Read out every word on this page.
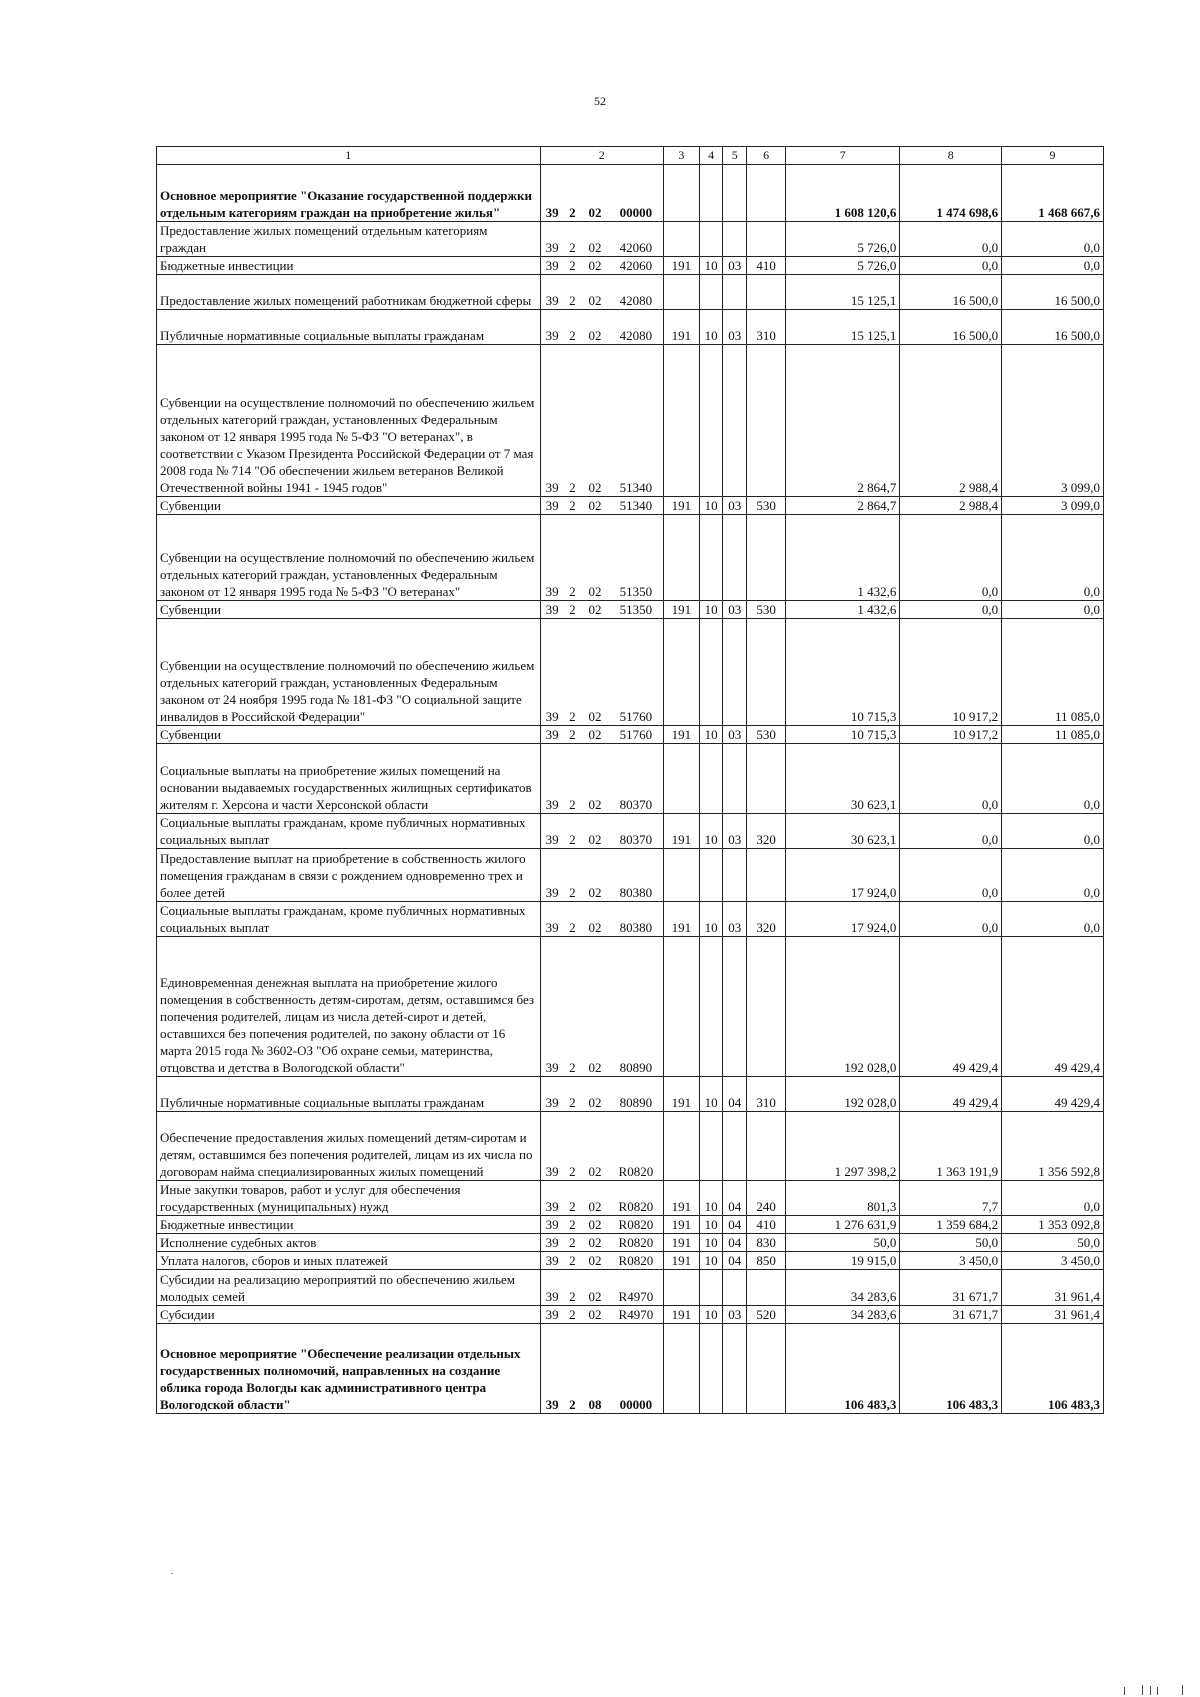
52
1	2				3	4	5	6	7	8	9
Основное мероприятие "Оказание государственной поддержки отдельным категориям граждан на приобретение жилья"	39	2	02	00000					1 608 120,6	1 474 698,6	1 468 667,6
Предоставление жилых помещений отдельным категориям граждан	39	2	02	42060					5 726,0	0,0	0,0
Бюджетные инвестиции	39	2	02	42060	191	10	03	410	5 726,0	0,0	0,0
Предоставление жилых помещений работникам бюджетной сферы	39	2	02	42080					15 125,1	16 500,0	16 500,0
Публичные нормативные социальные выплаты гражданам	39	2	02	42080	191	10	03	310	15 125,1	16 500,0	16 500,0
Субвенции на осуществление полномочий по обеспечению жильем отдельных категорий граждан, установленных Федеральным законом от 12 января 1995 года № 5-ФЗ "О ветеранах", в соответствии с Указом Президента Российской Федерации от 7 мая 2008 года № 714 "Об обеспечении жильем ветеранов Великой Отечественной войны 1941 - 1945 годов"	39	2	02	51340					2 864,7	2 988,4	3 099,0
Субвенции	39	2	02	51340	191	10	03	530	2 864,7	2 988,4	3 099,0
Субвенции на осуществление полномочий по обеспечению жильем отдельных категорий граждан, установленных Федеральным законом от 12 января 1995 года № 5-ФЗ "О ветеранах"	39	2	02	51350					1 432,6	0,0	0,0
Субвенции	39	2	02	51350	191	10	03	530	1 432,6	0,0	0,0
Субвенции на осуществление полномочий по обеспечению жильем отдельных категорий граждан, установленных Федеральным законом от 24 ноября 1995 года № 181-ФЗ "О социальной защите инвалидов в Российской Федерации"	39	2	02	51760					10 715,3	10 917,2	11 085,0
Субвенции	39	2	02	51760	191	10	03	530	10 715,3	10 917,2	11 085,0
Социальные выплаты на приобретение жилых помещений на основании выдаваемых государственных жилищных сертификатов жителям г. Херсона и части Херсонской области	39	2	02	80370					30 623,1	0,0	0,0
Социальные выплаты гражданам, кроме публичных нормативных социальных выплат	39	2	02	80370	191	10	03	320	30 623,1	0,0	0,0
Предоставление выплат на приобретение в собственность жилого помещения гражданам в связи с рождением одновременно трех и более детей	39	2	02	80380					17 924,0	0,0	0,0
Социальные выплаты гражданам, кроме публичных нормативных социальных выплат	39	2	02	80380	191	10	03	320	17 924,0	0,0	0,0
Единовременная денежная выплата на приобретение жилого помещения в собственность детям-сиротам, детям, оставшимся без попечения родителей, лицам из числа детей-сирот и детей, оставшихся без попечения родителей, по закону области от 16 марта 2015 года № 3602-ОЗ "Об охране семьи, материнства, отцовства и детства в Вологодской области"	39	2	02	80890					192 028,0	49 429,4	49 429,4
Публичные нормативные социальные выплаты гражданам	39	2	02	80890	191	10	04	310	192 028,0	49 429,4	49 429,4
Обеспечение предоставления жилых помещений детям-сиротам и детям, оставшимся без попечения родителей, лицам из их числа по договорам найма специализированных жилых помещений	39	2	02	R0820					1 297 398,2	1 363 191,9	1 356 592,8
Иные закупки товаров, работ и услуг для обеспечения государственных (муниципальных) нужд	39	2	02	R0820	191	10	04	240	801,3	7,7	0,0
Бюджетные инвестиции	39	2	02	R0820	191	10	04	410	1 276 631,9	1 359 684,2	1 353 092,8
Исполнение судебных актов	39	2	02	R0820	191	10	04	830	50,0	50,0	50,0
Уплата налогов, сборов и иных платежей	39	2	02	R0820	191	10	04	850	19 915,0	3 450,0	3 450,0
Субсидии на реализацию мероприятий по обеспечению жильем молодых семей	39	2	02	R4970					34 283,6	31 671,7	31 961,4
Субсидии	39	2	02	R4970	191	10	03	520	34 283,6	31 671,7	31 961,4
Основное мероприятие "Обеспечение реализации отдельных государственных полномочий, направленных на создание облика города Вологды как административного центра Вологодской области"	39	2	08	00000					106 483,3	106 483,3	106 483,3
